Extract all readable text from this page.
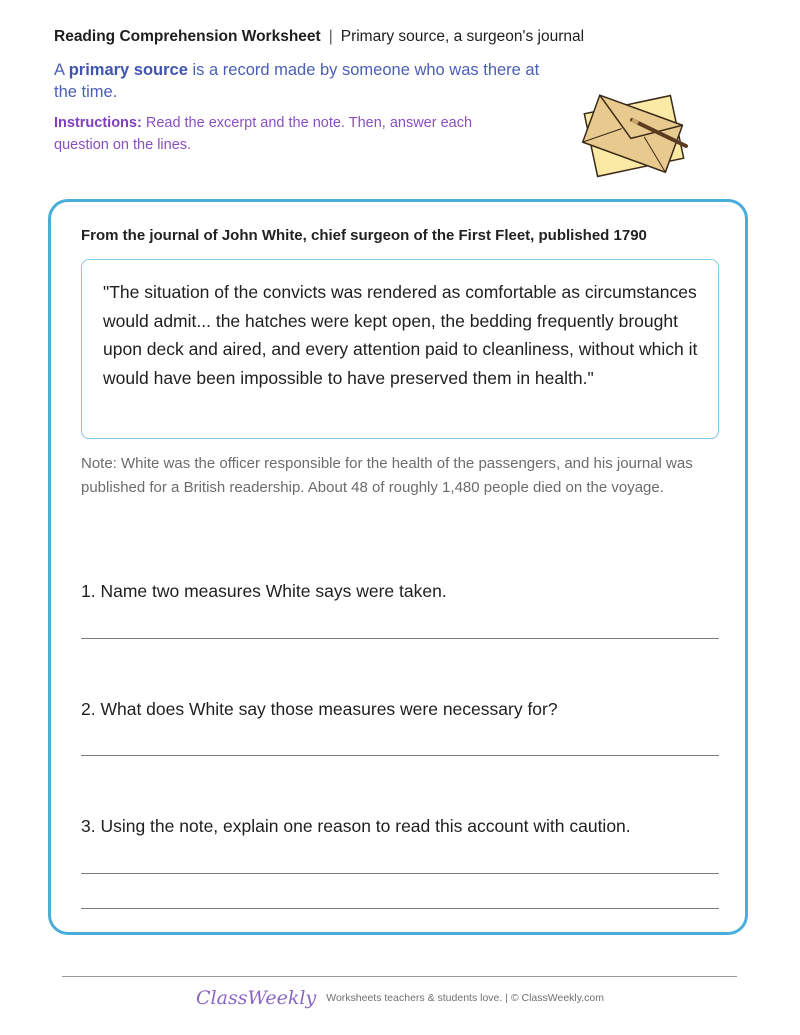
Reading Comprehension Worksheet | Primary source, a surgeon's journal
A primary source is a record made by someone who was there at the time.
Instructions: Read the excerpt and the note. Then, answer each question on the lines.
From the journal of John White, chief surgeon of the First Fleet, published 1790
"The situation of the convicts was rendered as comfortable as circumstances would admit... the hatches were kept open, the bedding frequently brought upon deck and aired, and every attention paid to cleanliness, without which it would have been impossible to have preserved them in health."
Note: White was the officer responsible for the health of the passengers, and his journal was published for a British readership. About 48 of roughly 1,480 people died on the voyage.
1. Name two measures White says were taken.
2. What does White say those measures were necessary for?
3. Using the note, explain one reason to read this account with caution.
ClassWeekly Worksheets teachers & students love. | © ClassWeekly.com
